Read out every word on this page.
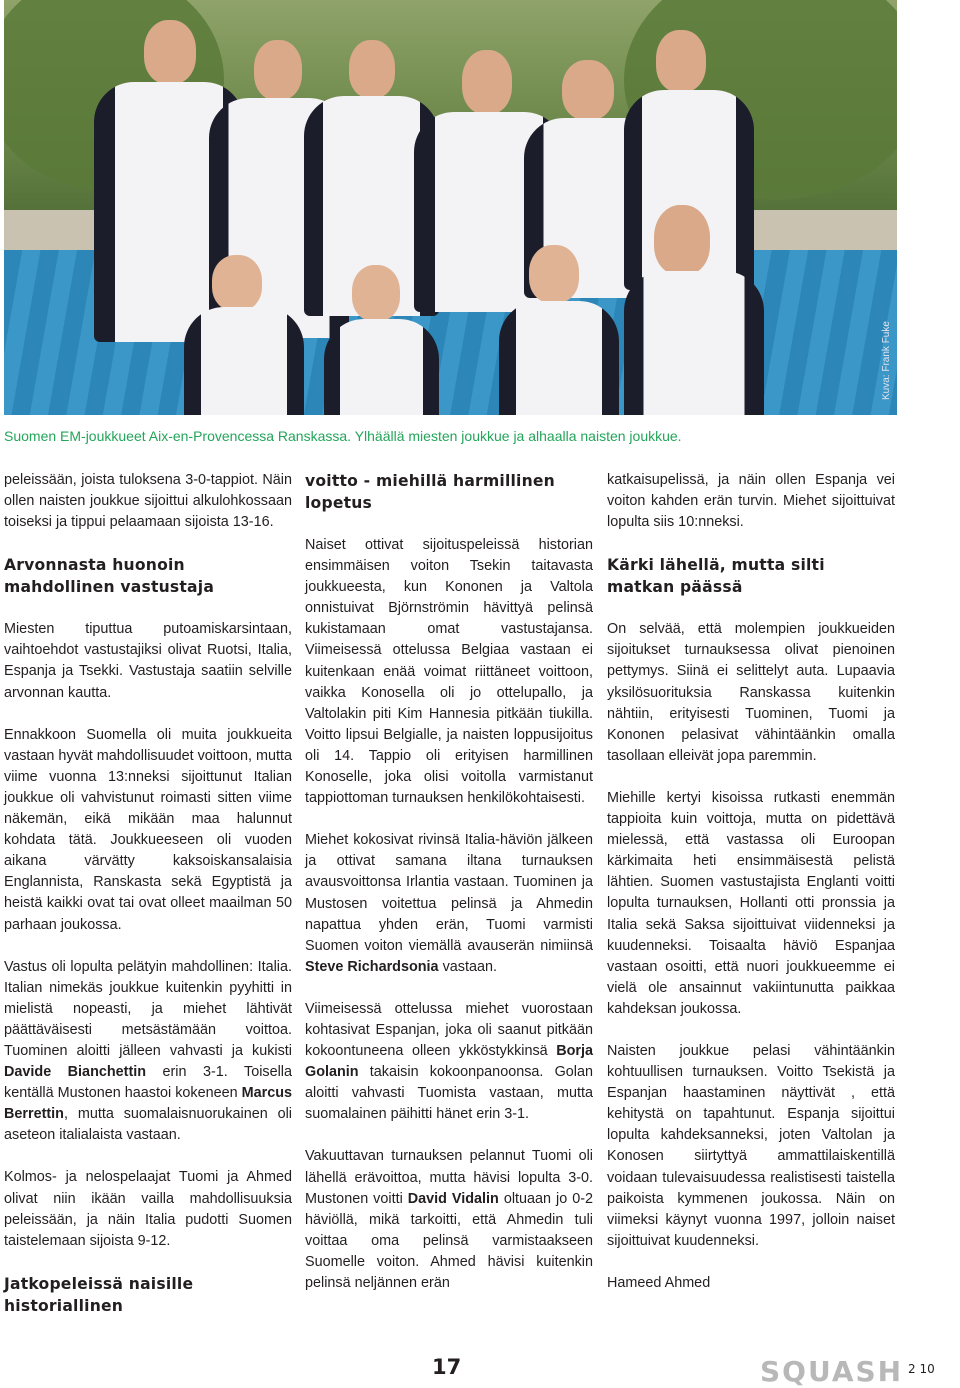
Kuva: Frank Fuke
Suomen EM-joukkueet Aix-en-Provencessa Ranskassa. Ylhäällä miesten joukkue ja alhaalla naisten joukkue.

peleissään, joista tuloksena 3-0-tappiot. Näin ollen naisten joukkue sijoittui alkulohkossaan toiseksi ja tippui pelaamaan sijoista 13-16.

Arvonnasta huonoin mahdollinen vastustaja

Miesten tiputtua putoamiskarsintaan, vaihtoehdot vastustajiksi olivat Ruotsi, Italia, Espanja ja Tsekki. Vastustaja saatiin selville arvonnan kautta.

Ennakkoon Suomella oli muita joukkueita vastaan hyvät mahdollisuudet voittoon, mutta viime vuonna 13:nneksi sijoittunut Italian joukkue oli vahvistunut roimasti sitten viime näkemän, eikä mikään maa halunnut kohdata tätä. Joukkueeseen oli vuoden aikana värvätty kaksoiskansalaisia Englannista, Ranskasta sekä Egyptistä ja heistä kaikki ovat tai ovat olleet maailman 50 parhaan joukossa.

Vastus oli lopulta pelätyin mahdollinen: Italia. Italian nimekäs joukkue kuitenkin pyyhitti in mielistä nopeasti, ja miehet lähtivät päättäväisesti metsästämään voittoa. Tuominen aloitti jälleen vahvasti ja kukisti Davide Bianchettin erin 3-1. Toisella kentällä Mustonen haastoi kokeneen Marcus Berrettin, mutta suomalaisnuorukainen oli aseteon italialaista vastaan.

Kolmos- ja nelospelaajat Tuomi ja Ahmed olivat niin ikään vailla mahdollisuuksia peleissään, ja näin Italia pudotti Suomen taistelemaan sijoista 9-12.

Jatkopeleissä naisille historiallinen
voitto - miehillä harmillinen lopetus

Naiset ottivat sijoituspeleissä historian ensimmäisen voiton Tsekin taitavasta joukkueesta, kun Kononen ja Valtola onnistuivat Björnströmin hävittyä pelinsä kukistamaan omat vastustajansa. Viimeisessä ottelussa Belgiaa vastaan ei kuitenkaan enää voimat riittäneet voittoon, vaikka Konosella oli jo ottelupallo, ja Valtolakin piti Kim Hannesia pitkään tiukilla. Voitto lipsui Belgialle, ja naisten loppusijoitus oli 14. Tappio oli erityisen harmillinen Konoselle, joka olisi voitolla varmistanut tappiottoman turnauksen henkilökohtaisesti.

Miehet kokosivat rivinsä Italia-häviön jälkeen ja ottivat samana iltana turnauksen avausvoittonsa Irlantia vastaan. Tuominen ja Mustosen voitettua pelinsä ja Ahmedin napattua yhden erän, Tuomi varmisti Suomen voiton viemällä avauserän nimiinsä Steve Richardsonia vastaan.

Viimeisessä ottelussa miehet vuorostaan kohtasivat Espanjan, joka oli saanut pitkään kokoontuneena olleen ykköstykkinsä Borja Golanin takaisin kokoonpanoonsa. Golan aloitti vahvasti Tuomista vastaan, mutta suomalainen päihitti hänet erin 3-1.

Vakuuttavan turnauksen pelannut Tuomi oli lähellä erävoittoa, mutta hävisi lopulta 3-0. Mustonen voitti David Vidalin oltuaan jo 0-2 häviöllä, mikä tarkoitti, että Ahmedin tuli voittaa oma pelinsä varmistaakseen Suomelle voiton. Ahmed hävisi kuitenkin pelinsä neljännen erän

katkaisupelissä, ja näin ollen Espanja vei voiton kahden erän turvin. Miehet sijoittuivat lopulta siis 10:nneksi.

Kärki lähellä, mutta silti matkan päässä

On selvää, että molempien joukkueiden sijoitukset turnauksessa olivat pienoinen pettymys. Siinä ei selittelyt auta. Lupaavia yksilösuorituksia Ranskassa kuitenkin nähtiin, erityisesti Tuominen, Tuomi ja Kononen pelasivat vähintäänkin omalla tasollaan elleivät jopa paremmin.

Miehille kertyi kisoissa rutkasti enemmän tappioita kuin voittoja, mutta on pidettävä mielessä, että vastassa oli Euroopan kärkimaita heti ensimmäisestä pelistä lähtien. Suomen vastustajista Englanti voitti lopulta turnauksen, Hollanti otti pronssia ja Italia sekä Saksa sijoittuivat viidenneksi ja kuudenneksi. Toisaalta häviö Espanjaa vastaan osoitti, että nuori joukkueemme ei vielä ole ansainnut vakiintunutta paikkaa kahdeksan joukossa.

Naisten joukkue pelasi vähintäänkin kohtuullisen turnauksen. Voitto Tsekistä ja Espanjan haastaminen näyttivät , että kehitystä on tapahtunut. Espanja sijoittui lopulta kahdeksanneksi, joten Valtolan ja Konosen siirtyttyä ammattilaiskentillä voidaan tulevaisuudessa realistisesti taistella paikoista kymmenen joukossa. Näin on viimeksi käynyt vuonna 1997, jolloin naiset sijoittuivat kuudenneksi.

Hameed Ahmed

17	SQUASH 2 10
